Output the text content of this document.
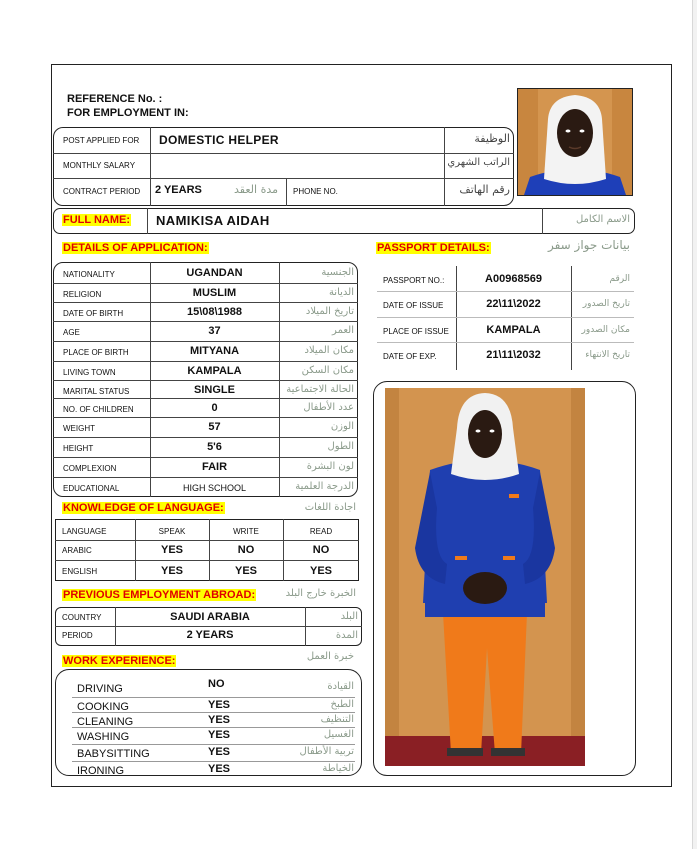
REFERENCE No. :
FOR EMPLOYMENT IN:
POST APPLIED FOR DOMESTIC HELPER	الوظيفة
MONTHLY SALARY	الراتب الشهري
CONTRACT PERIOD 2 YEARS	مدة العقد PHONE NO.	رقم الهاتف
FULL NAME: NAMIKISA AIDAH	الاسم الكامل
DETAILS OF APPLICATION:
NATIONALITY	UGANDAN	الجنسية
RELIGION	MUSLIM	الديانة
DATE OF BIRTH	15\08\1988	تاريخ الميلاد
AGE	37	العمر
PLACE OF BIRTH	MITYANA	مكان الميلاد
LIVING TOWN	KAMPALA	مكان السكن
MARITAL STATUS	SINGLE	الحالة الاجتماعية
NO. OF CHILDREN	0	عدد الأطفال
WEIGHT	57	الوزن
HEIGHT	5'6	الطول
COMPLEXION	FAIR	لون البشرة
EDUCATIONAL	HIGH SCHOOL	الدرجة العلمية
PASSPORT DETAILS:	بيانات جواز سفر
PASSPORT NO.:	A00968569	الرقم
DATE OF ISSUE	22\11\2022	تاريخ الصدور
PLACE OF ISSUE	KAMPALA	مكان الصدور
DATE OF EXP.	21\11\2032	تاريخ الانتهاء
KNOWLEDGE OF LANGUAGE:	اجادة اللغات
LANGUAGE	SPEAK	WRITE	READ
ARABIC	YES	NO	NO
ENGLISH	YES	YES	YES
PREVIOUS EMPLOYMENT ABROAD:	الخبرة خارج البلد
COUNTRY	SAUDI ARABIA	البلد
PERIOD	2 YEARS	المدة
WORK EXPERIENCE:	خبرة العمل
DRIVING	NO	القيادة
COOKING	YES	الطبخ
CLEANING	YES	التنظيف
WASHING	YES	الغسيل
BABYSITTING	YES	تربية الأطفال
IRONING	YES	الخياطة
